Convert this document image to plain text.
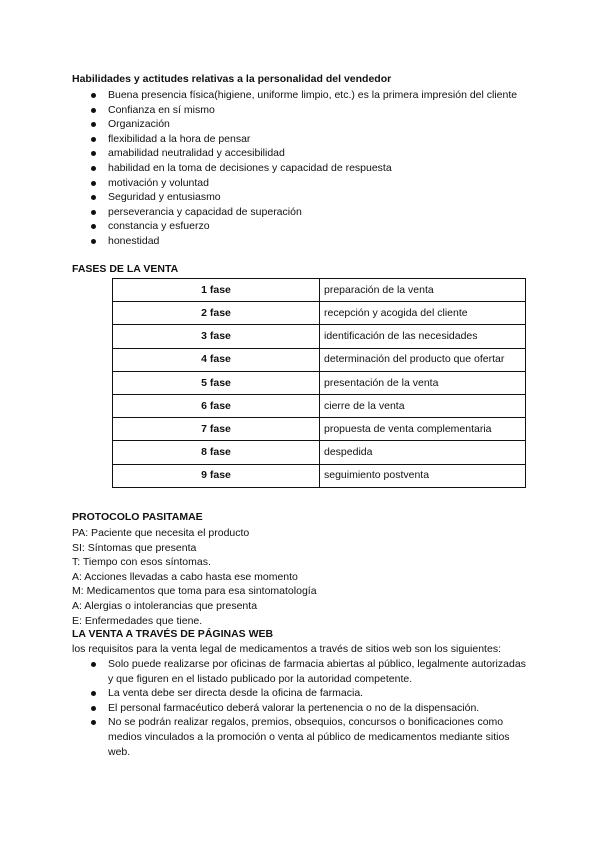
Habilidades y actitudes relativas a la personalidad del vendedor
Buena presencia física(higiene, uniforme limpio, etc.) es la primera impresión del cliente
Confianza en sí mismo
Organización
flexibilidad a la hora de pensar
amabilidad neutralidad y accesibilidad
habilidad en la toma de decisiones y capacidad de respuesta
motivación y voluntad
Seguridad y entusiasmo
perseverancia y capacidad de superación
constancia y esfuerzo
honestidad
FASES DE LA VENTA
1 fase	preparación de la venta
2 fase	recepción y acogida del cliente
3 fase	identificación de las necesidades
4 fase	determinación del producto que ofertar
5 fase	presentación de la venta
6 fase	cierre de la venta
7 fase	propuesta de venta complementaria
8 fase	despedida
9 fase	seguimiento postventa
PROTOCOLO PASITAMAE
PA: Paciente que necesita el producto
SI: Síntomas que presenta
T: Tiempo con esos síntomas.
A: Acciones llevadas a cabo hasta ese momento
M: Medicamentos que toma para esa sintomatología
A: Alergias o intolerancias que presenta
E: Enfermedades que tiene.
LA VENTA A TRAVÉS DE PÁGINAS WEB

los requisitos para la venta legal de medicamentos a través de sitios web son los siguientes:

Solo puede realizarse por oficinas de farmacia abiertas al público, legalmente autorizadas y que figuren en el listado publicado por la autoridad competente.
La venta debe ser directa desde la oficina de farmacia.
El personal farmacéutico deberá valorar la pertenencia o no de la dispensación.
No se podrán realizar regalos, premios, obsequios, concursos o bonificaciones como medios vinculados a la promoción o venta al público de medicamentos mediante sitios web.
